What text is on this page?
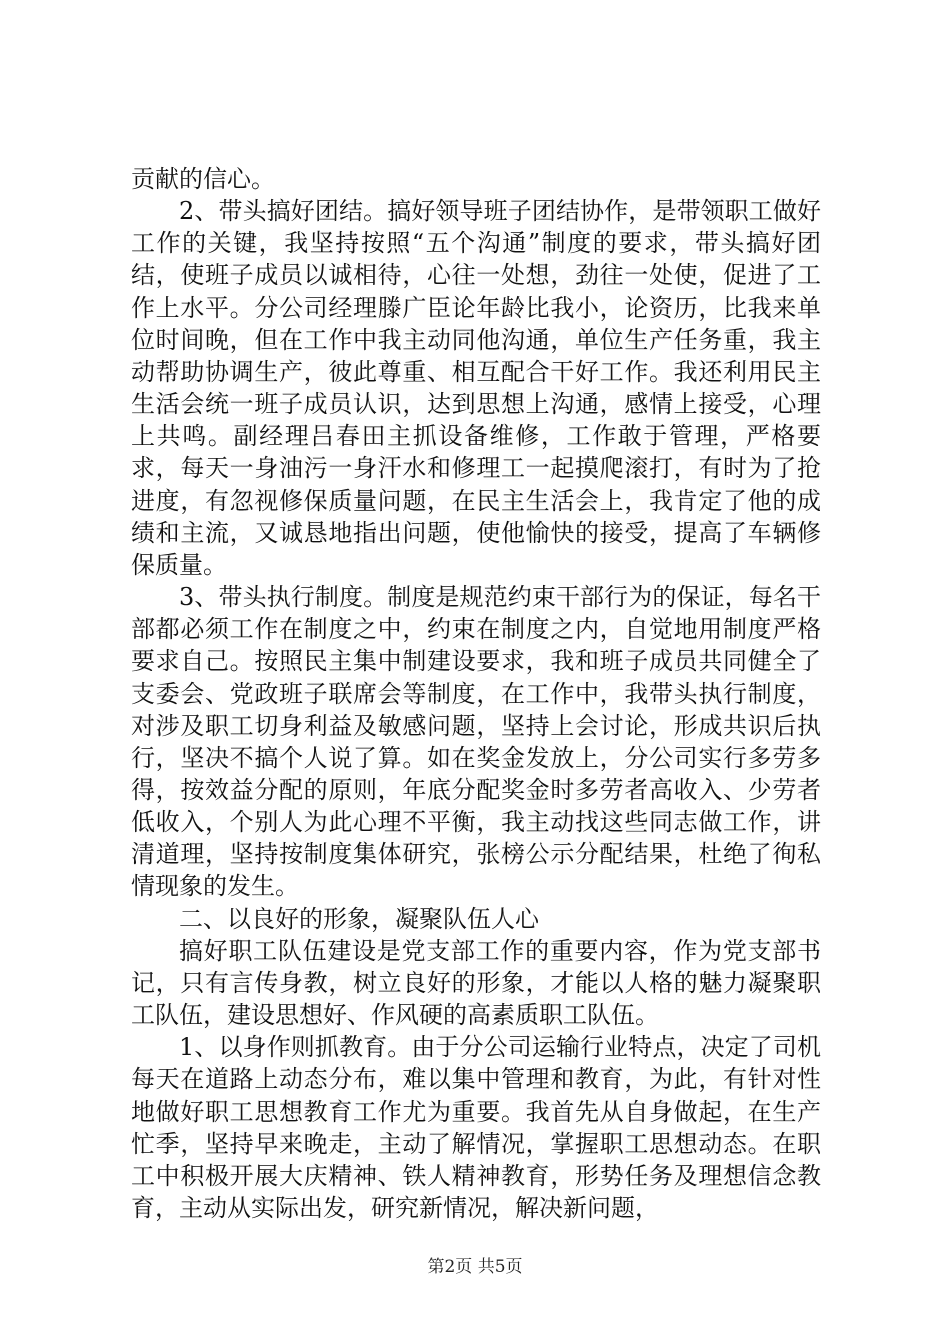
贡献的信心。

2、带头搞好团结。搞好领导班子团结协作，是带领职工做好工作的关键，我坚持按照“五个沟通”制度的要求，带头搞好团结，使班子成员以诚相待，心往一处想，劲往一处使，促进了工作上水平。分公司经理滕广臣论年龄比我小，论资历，比我来单位时间晚，但在工作中我主动同他沟通，单位生产任务重，我主动帮助协调生产，彼此尊重、相互配合干好工作。我还利用民主生活会统一班子成员认识，达到思想上沟通，感情上接受，心理上共鸣。副经理吕春田主抓设备维修，工作敢于管理，严格要求，每天一身油污一身汗水和修理工一起摸爬滚打，有时为了抢进度，有忽视修保质量问题，在民主生活会上，我肯定了他的成绩和主流，又诚恳地指出问题，使他愉快的接受，提高了车辆修保质量。

3、带头执行制度。制度是规范约束干部行为的保证，每名干部都必须工作在制度之中，约束在制度之内，自觉地用制度严格要求自己。按照民主集中制建设要求，我和班子成员共同健全了支委会、党政班子联席会等制度，在工作中，我带头执行制度，对涉及职工切身利益及敏感问题，坚持上会讨论，形成共识后执行，坚决不搞个人说了算。如在奖金发放上，分公司实行多劳多得，按效益分配的原则，年底分配奖金时多劳者高收入、少劳者低收入，个别人为此心理不平衡，我主动找这些同志做工作，讲清道理，坚持按制度集体研究，张榜公示分配结果，杜绝了徇私情现象的发生。

二、以良好的形象，凝聚队伍人心

搞好职工队伍建设是党支部工作的重要内容，作为党支部书记，只有言传身教，树立良好的形象，才能以人格的魅力凝聚职工队伍，建设思想好、作风硬的高素质职工队伍。

1、以身作则抓教育。由于分公司运输行业特点，决定了司机每天在道路上动态分布，难以集中管理和教育，为此，有针对性地做好职工思想教育工作尤为重要。我首先从自身做起，在生产忙季，坚持早来晚走，主动了解情况，掌握职工思想动态。在职工中积极开展大庆精神、铁人精神教育，形势任务及理想信念教育，主动从实际出发，研究新情况，解决新问题，

第2页 共5页
